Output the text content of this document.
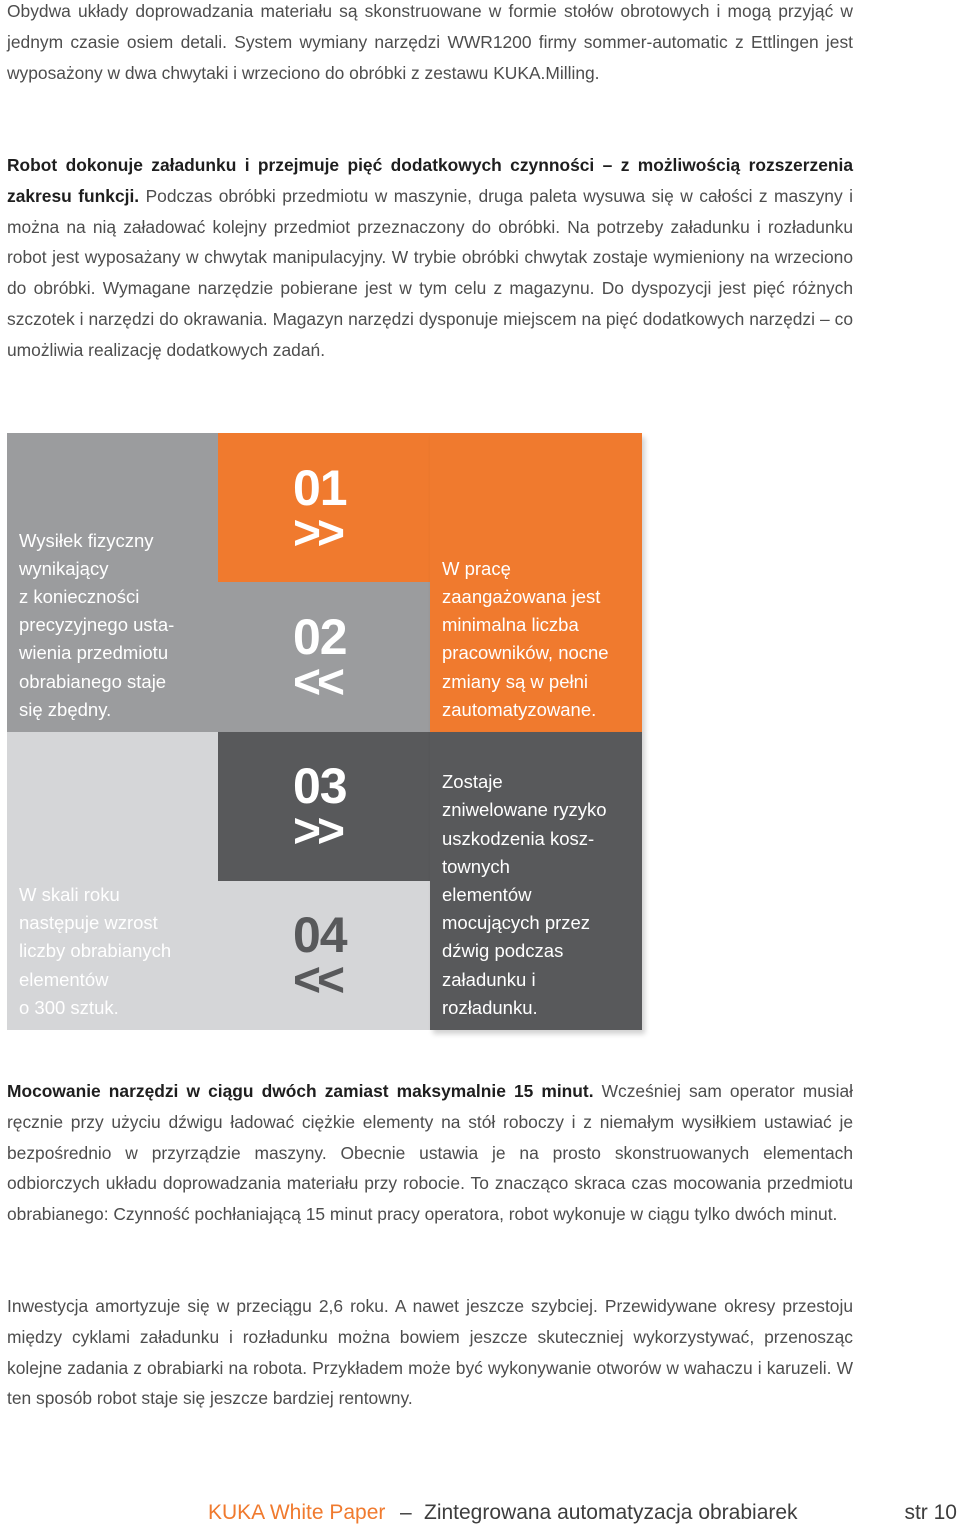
Obydwa układy doprowadzania materiału są skonstruowane w formie stołów obrotowych i mogą przyjąć w jednym czasie osiem detali. System wymiany narzędzi WWR1200 firmy sommer-automatic z Ettlingen jest wyposażony w dwa chwytaki i wrzeciono do obróbki z zestawu KUKA.Milling.

Robot dokonuje załadunku i przejmuje pięć dodatkowych czynności – z możliwością rozszerzenia zakresu funkcji. Podczas obróbki przedmiotu w maszynie, druga paleta wysuwa się w całości z maszyny i można na nią załadować kolejny przedmiot przeznaczony do obróbki. Na potrzeby załadunku i rozładunku robot jest wyposażany w chwytak manipulacyjny. W trybie obróbki chwytak zostaje wymieniony na wrzeciono do obróbki. Wymagane narzędzie pobierane jest w tym celu z magazynu. Do dyspozycji jest pięć różnych szczotek i narzędzi do okrawania. Magazyn narzędzi dysponuje miejscem na pięć dodatkowych narzędzi – co umożliwia realizację dodatkowych zadań.

Wysiłek fizyczny
wynikający
z konieczności
precyzyjnego usta-
wienia przedmiotu
obrabianego staje
się zbędny.

W skali roku
następuje wzrost
liczby obrabianych
elementów
o 300 sztuk.

01

>>

02

<<

03

>>

04

<<

W pracę
zaangażowana jest
minimalna liczba
pracowników, nocne
zmiany są w pełni
zautomatyzowane.

Zostaje
zniwelowane ryzyko
uszkodzenia kosz-
townych
elementów
mocujących przez
dźwig podczas
załadunku i
rozładunku.

Mocowanie narzędzi w ciągu dwóch zamiast maksymalnie 15 minut. Wcześniej sam operator musiał ręcznie przy użyciu dźwigu ładować ciężkie elementy na stół roboczy i z niemałym wysiłkiem ustawiać je bezpośrednio w przyrządzie maszyny. Obecnie ustawia je na prosto skonstruowanych elementach odbiorczych układu doprowadzania materiału przy robocie. To znacząco skraca czas mocowania przedmiotu obrabianego: Czynność pochłaniającą 15 minut pracy operatora, robot wykonuje w ciągu tylko dwóch minut.

Inwestycja amortyzuje się w przeciągu 2,6 roku. A nawet jeszcze szybciej. Przewidywane okresy przestoju między cyklami załadunku i rozładunku można bowiem jeszcze skuteczniej wykorzystywać, przenosząc kolejne zadania z obrabiarki na robota. Przykładem może być wykonywanie otworów w wahaczu i karuzeli. W ten sposób robot staje się jeszcze bardziej rentowny.

KUKA White Paper – Zintegrowana automatyzacja obrabiarek	str 10
